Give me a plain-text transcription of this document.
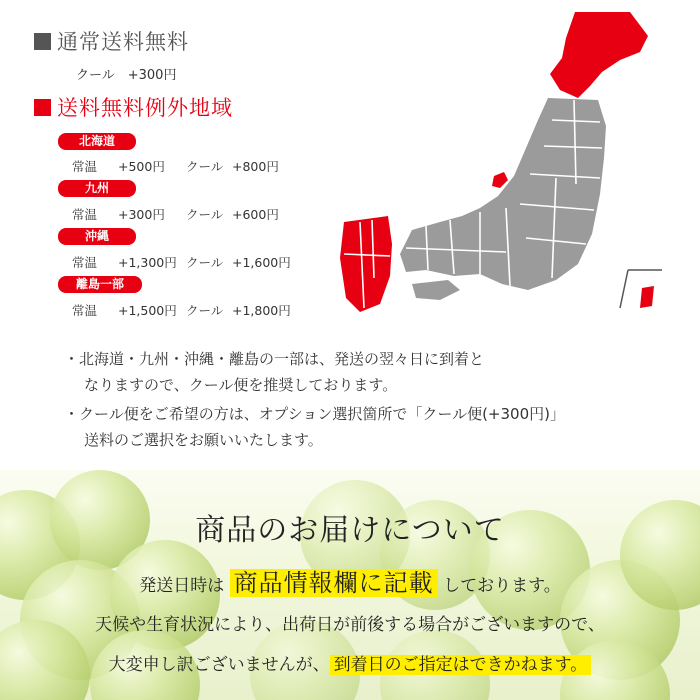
通常送料無料
クール　+300円
送料無料例外地域
北海道
常温 +500円 クール +800円
九州
常温 +300円 クール +600円
沖縄
常温 +1,300円 クール +1,600円
離島一部
常温 +1,500円 クール +1,800円
・北海道・九州・沖縄・離島の一部は、発送の翌々日に到着と
なりますので、クール便を推奨しております。
・クール便をご希望の方は、オプション選択箇所で「クール便(+300円)」
送料のご選択をお願いいたします。
商品のお届けについて
発送日時は 商品情報欄に記載 しております。
天候や生育状況により、出荷日が前後する場合がございますので、
大変申し訳ございませんが、 到着日のご指定はできかねます。
